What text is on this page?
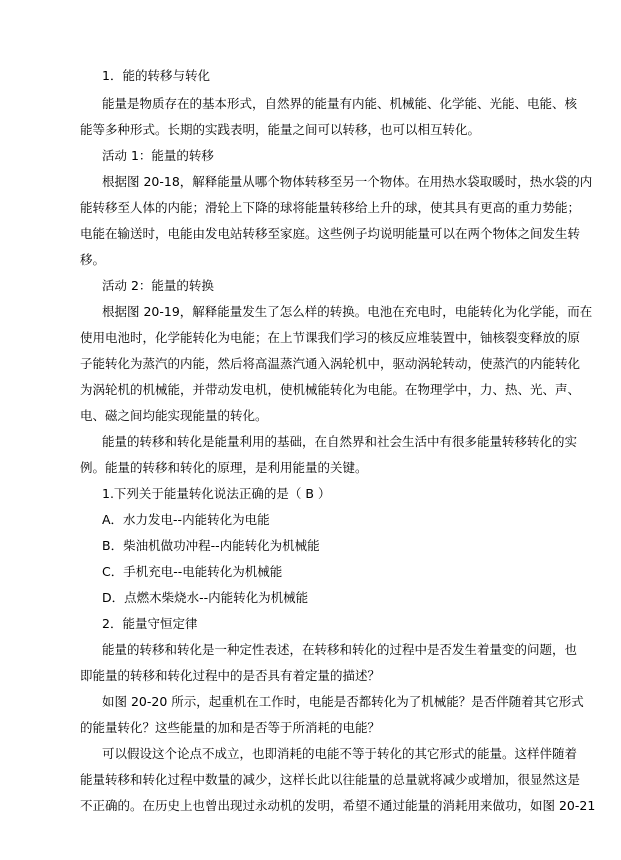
1．能的转移与转化
能量是物质存在的基本形式，自然界的能量有内能、机械能、化学能、光能、电能、核
能等多种形式。长期的实践表明，能量之间可以转移，也可以相互转化。
活动 1：能量的转移
根据图 20-18，解释能量从哪个物体转移至另一个物体。在用热水袋取暖时，热水袋的内
能转移至人体的内能；滑轮上下降的球将能量转移给上升的球，使其具有更高的重力势能；
电能在输送时，电能由发电站转移至家庭。这些例子均说明能量可以在两个物体之间发生转
移。
活动 2：能量的转换
根据图 20-19，解释能量发生了怎么样的转换。电池在充电时，电能转化为化学能，而在
使用电池时，化学能转化为电能；在上节课我们学习的核反应堆装置中，铀核裂变释放的原
子能转化为蒸汽的内能，然后将高温蒸汽通入涡轮机中，驱动涡轮转动，使蒸汽的内能转化
为涡轮机的机械能，并带动发电机，使机械能转化为电能。在物理学中，力、热、光、声、
电、磁之间均能实现能量的转化。
能量的转移和转化是能量利用的基础，在自然界和社会生活中有很多能量转移转化的实
例。能量的转移和转化的原理，是利用能量的关键。
1.下列关于能量转化说法正确的是（ B ）
A．水力发电--内能转化为电能
B．柴油机做功冲程--内能转化为机械能
C．手机充电--电能转化为机械能
D．点燃木柴烧水--内能转化为机械能
2．能量守恒定律
能量的转移和转化是一种定性表述，在转移和转化的过程中是否发生着量变的问题，也
即能量的转移和转化过程中的是否具有着定量的描述？
如图 20-20 所示，起重机在工作时，电能是否都转化为了机械能？是否伴随着其它形式
的能量转化？这些能量的加和是否等于所消耗的电能？
可以假设这个论点不成立，也即消耗的电能不等于转化的其它形式的能量。这样伴随着
能量转移和转化过程中数量的减少，这样长此以往能量的总量就将减少或增加，很显然这是
不正确的。在历史上也曾出现过永动机的发明，希望不通过能量的消耗用来做功，如图 20-21
